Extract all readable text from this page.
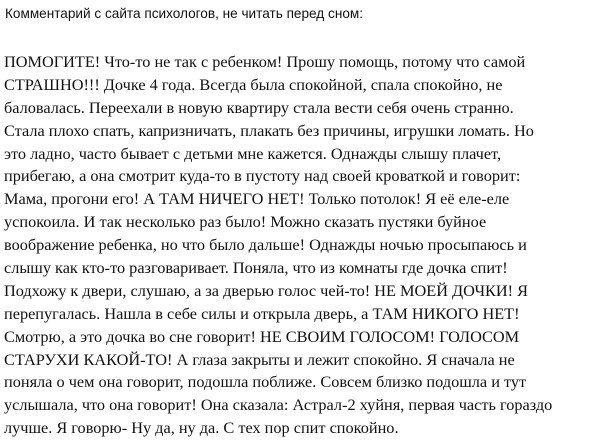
Комментарий с сайта психологов, не читать перед сном:
ПОМОГИТЕ! Что-то не так с ребенком! Прошу помощь, потому что самой
СТРАШНО!!! Дочке 4 года. Всегда была спокойной, спала спокойно, не
баловалась. Переехали в новую квартиру стала вести себя очень странно.
Стала плохо спать, капризничать, плакать без причины, игрушки ломать. Но
это ладно, часто бывает с детьми мне кажется. Однажды слышу плачет,
прибегаю, а она смотрит куда-то в пустоту над своей кроваткой и говорит:
Мама, прогони его! А ТАМ НИЧЕГО НЕТ! Только потолок! Я её еле-еле
успокоила. И так несколько раз было! Можно сказать пустяки буйное
воображение ребенка, но что было дальше! Однажды ночью просыпаюсь и
слышу как кто-то разговаривает. Поняла, что из комнаты где дочка спит!
Подхожу к двери, слушаю, а за дверью голос чей-то! НЕ МОЕЙ ДОЧКИ! Я
перепугалась. Нашла в себе силы и открыла дверь, а ТАМ НИКОГО НЕТ!
Смотрю, а это дочка во сне говорит! НЕ СВОИМ ГОЛОСОМ! ГОЛОСОМ
СТАРУХИ КАКОЙ-ТО! А глаза закрыты и лежит спокойно. Я сначала не
поняла о чем она говорит, подошла поближе. Совсем близко подошла и тут
услышала, что она говорит! Она сказала: Астрал-2 хуйня, первая часть гораздо
лучше. Я говорю- Ну да, ну да. С тех пор спит спокойно.
